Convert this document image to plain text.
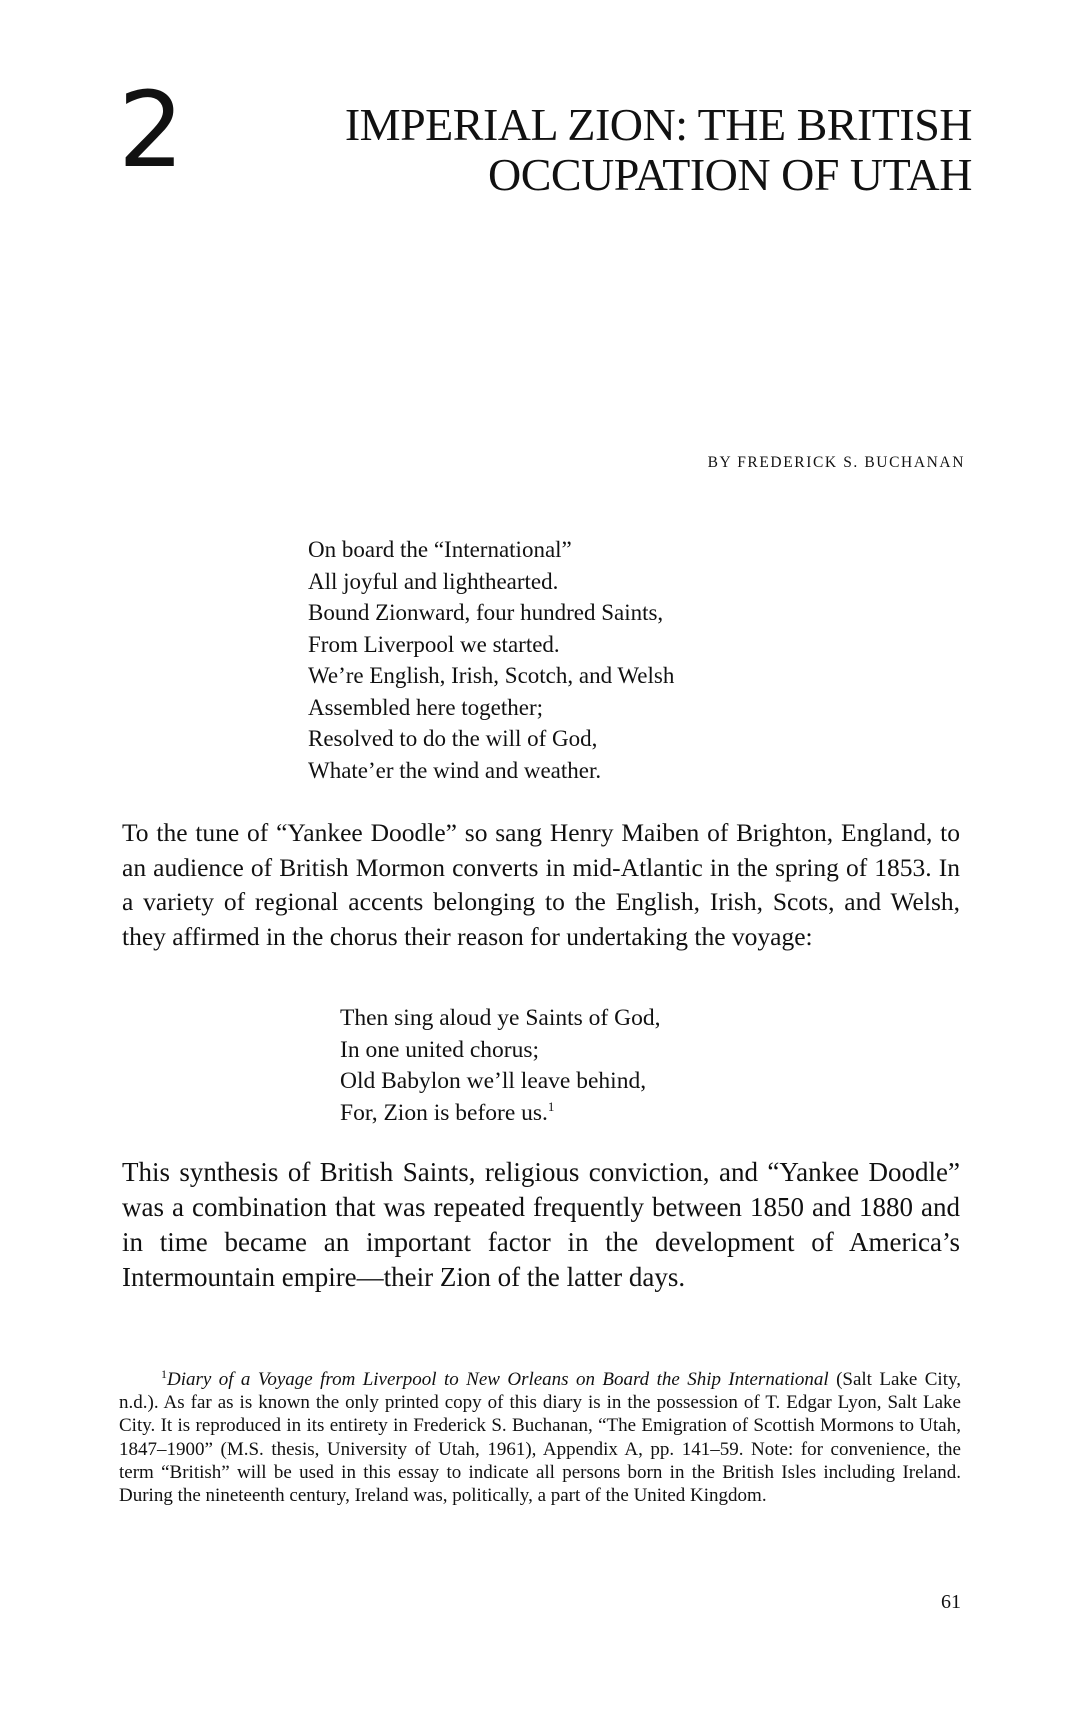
2	IMPERIAL ZION: THE BRITISH
OCCUPATION OF UTAH
BY FREDERICK S. BUCHANAN
On board the “International”
All joyful and lighthearted.
Bound Zionward, four hundred Saints,
From Liverpool we started.
We’re English, Irish, Scotch, and Welsh
Assembled here together;
Resolved to do the will of God,
Whate’er the wind and weather.

To the tune of “Yankee Doodle” so sang Henry Maiben of Brighton, England, to an audience of British Mormon converts in mid-Atlantic in the spring of 1853. In a variety of regional accents belonging to the English, Irish, Scots, and Welsh, they affirmed in the chorus their reason for undertaking the voyage:

Then sing aloud ye Saints of God,
In one united chorus;
Old Babylon we’ll leave behind,
For, Zion is before us.$^1$

This synthesis of British Saints, religious conviction, and “Yankee Doodle” was a combination that was repeated frequently between 1850 and 1880 and in time became an important factor in the development of America’s Intermountain empire—their Zion of the latter days.

$^1$Diary of a Voyage from Liverpool to New Orleans on Board the Ship International (Salt Lake City, n.d.). As far as is known the only printed copy of this diary is in the possession of T. Edgar Lyon, Salt Lake City. It is reproduced in its entirety in Frederick S. Buchanan, “The Emigration of Scottish Mormons to Utah, 1847–1900” (M.S. thesis, University of Utah, 1961), Appendix A, pp. 141–59. Note: for convenience, the term “British” will be used in this essay to indicate all persons born in the British Isles including Ireland. During the nineteenth century, Ireland was, politically, a part of the United Kingdom.

61
